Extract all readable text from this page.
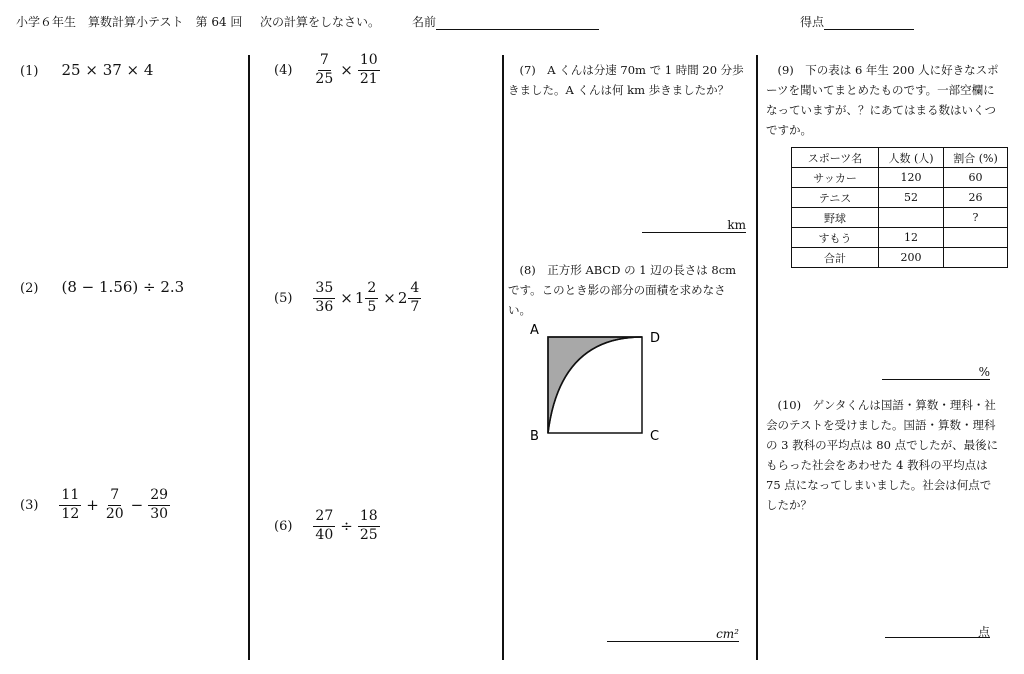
小学６年生　算数計算小テスト　第 64 回 次の計算をしなさい。	名前	得点
(1) 25 × 37 × 4
(2) (8 − 1.56) ÷ 2.3
$(3) \frac{11}{12} + \frac{7}{20} - \frac{29}{30}$
$(4) \frac{7}{25} \times \frac{10}{21}$
$(5) \frac{35}{36} \times 1 \frac{2}{5} \times 2 \frac{4}{7}$
$(6) \frac{27}{40} \div \frac{18}{25}$
(7)　A くんは分速 70m で 1 時間 20 分歩きました。A くんは何 km 歩きましたか？
km
(8)　正方形 ABCD の 1 辺の長さは 8cm です。このとき影の部分の面積を求めなさい。
A
D
B	C
cm²
(9)　下の表は 6 年生 200 人に好きなスポーツを聞いてまとめたものです。一部空欄になっていますが、？にあてはまる数はいくつですか。
スポーツ名	人数 (人)	割合 (%)
サッカー	120	60
テニス	52	26
野球		?
すもう	12	
合計	200	
%
(10)　ゲンタくんは国語・算数・理科・社会のテストを受けました。国語・算数・理科の 3 教科の平均点は 80 点でしたが、最後にもらった社会をあわせた 4 教科の平均点は 75 点になってしまいました。社会は何点でしたか？
点
